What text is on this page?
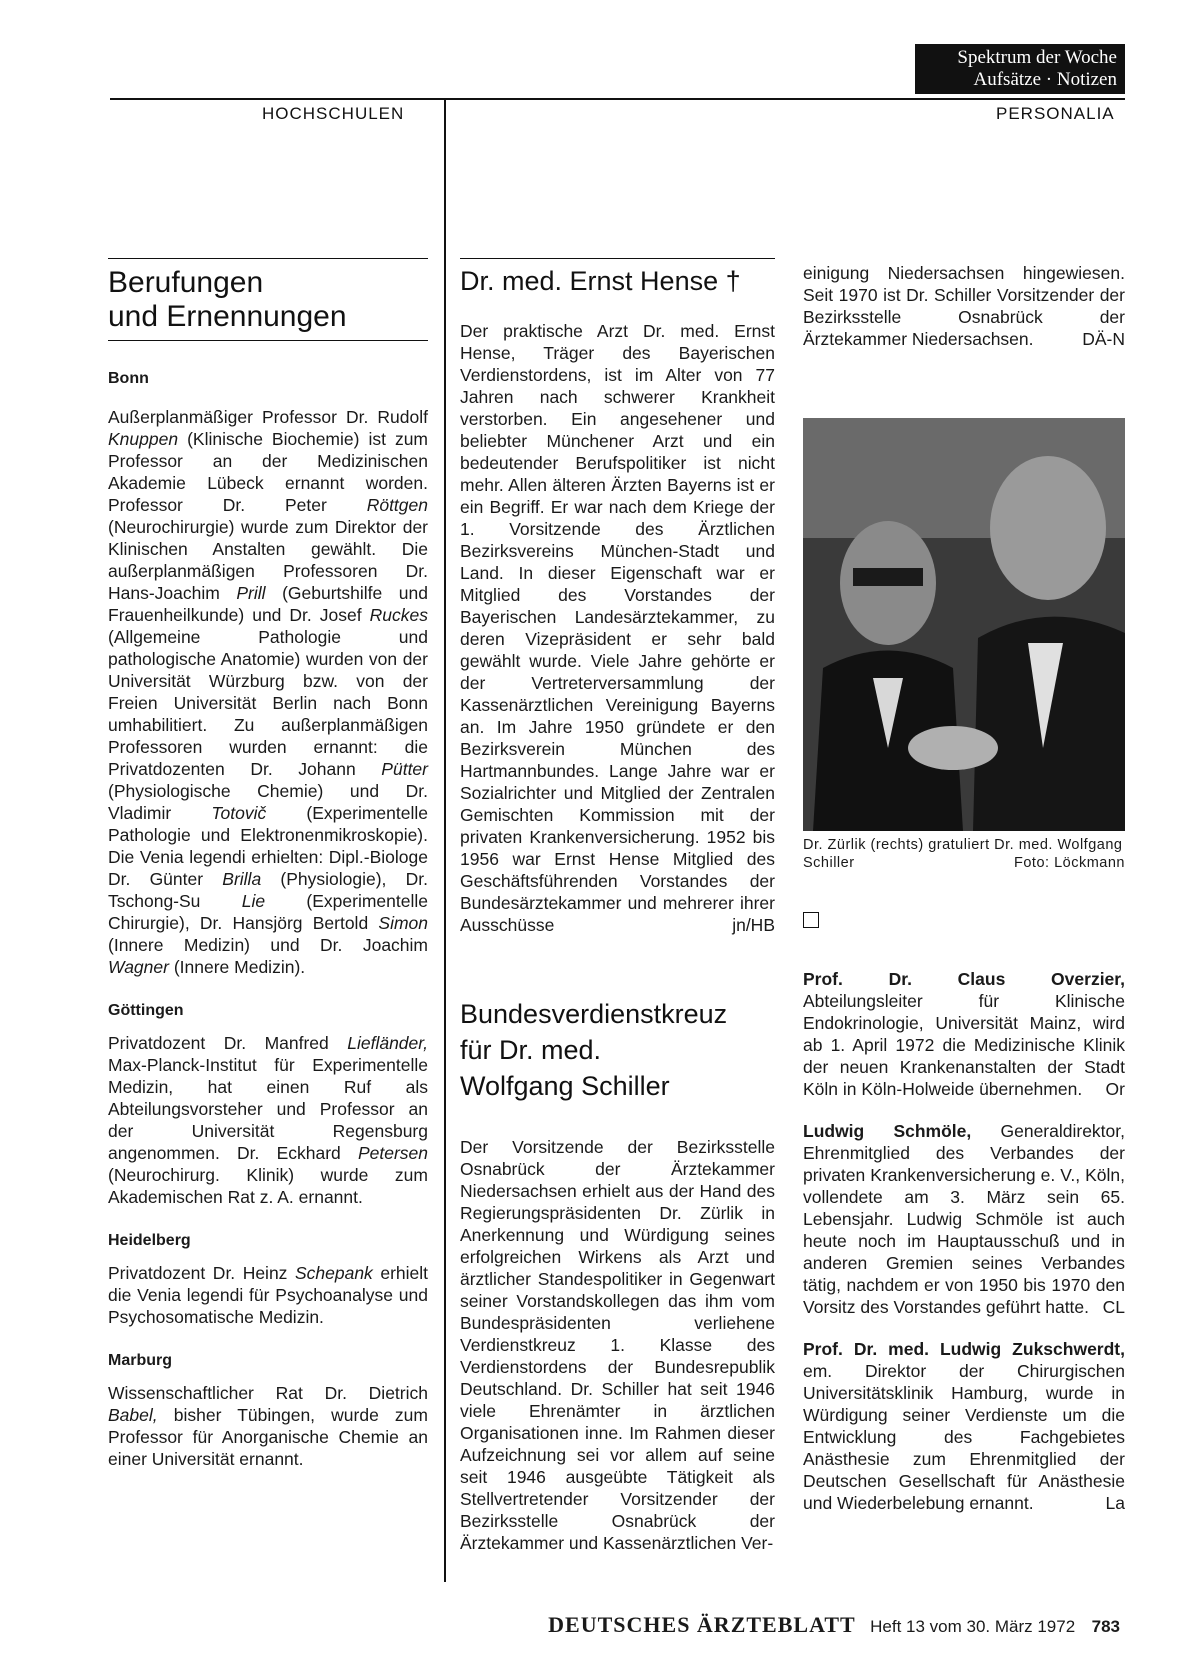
Spektrum der Woche
Aufsätze · Notizen
HOCHSCHULEN	PERSONALIA
Berufungen
und Ernennungen

Bonn

Außerplanmäßiger Professor Dr. Rudolf Knuppen (Klinische Biochemie) ist zum Professor an der Medizinischen Akademie Lübeck ernannt worden. Professor Dr. Peter Röttgen (Neurochirurgie) wurde zum Direktor der Klinischen Anstalten gewählt. Die außerplanmäßigen Professoren Dr. Hans-Joachim Prill (Geburtshilfe und Frauenheilkunde) und Dr. Josef Ruckes (Allgemeine Pathologie und pathologische Anatomie) wurden von der Universität Würzburg bzw. von der Freien Universität Berlin nach Bonn umhabilitiert. Zu außerplanmäßigen Professoren wurden ernannt: die Privatdozenten Dr. Johann Pütter (Physiologische Chemie) und Dr. Vladimir Totovič (Experimentelle Pathologie und Elektronenmikroskopie). Die Venia legendi erhielten: Dipl.-Biologe Dr. Günter Brilla (Physiologie), Dr. Tschong-Su Lie (Experimentelle Chirurgie), Dr. Hansjörg Bertold Simon (Innere Medizin) und Dr. Joachim Wagner (Innere Medizin).

Göttingen

Privatdozent Dr. Manfred Liefländer, Max-Planck-Institut für Experimentelle Medizin, hat einen Ruf als Abteilungsvorsteher und Professor an der Universität Regensburg angenommen. Dr. Eckhard Petersen (Neurochirurg. Klinik) wurde zum Akademischen Rat z. A. ernannt.

Heidelberg

Privatdozent Dr. Heinz Schepank erhielt die Venia legendi für Psychoanalyse und Psychosomatische Medizin.

Marburg

Wissenschaftlicher Rat Dr. Dietrich Babel, bisher Tübingen, wurde zum Professor für Anorganische Chemie an einer Universität ernannt.

Dr. med. Ernst Hense †

Der praktische Arzt Dr. med. Ernst Hense, Träger des Bayerischen Verdienstordens, ist im Alter von 77 Jahren nach schwerer Krankheit verstorben. Ein angesehener und beliebter Münchener Arzt und ein bedeutender Berufspolitiker ist nicht mehr. Allen älteren Ärzten Bayerns ist er ein Begriff. Er war nach dem Kriege der 1. Vorsitzende des Ärztlichen Bezirksvereins München-Stadt und Land. In dieser Eigenschaft war er Mitglied des Vorstandes der Bayerischen Landesärztekammer, zu deren Vizepräsident er sehr bald gewählt wurde. Viele Jahre gehörte er der Vertreterversammlung der Kassenärztlichen Vereinigung Bayerns an. Im Jahre 1950 gründete er den Bezirksverein München des Hartmannbundes. Lange Jahre war er Sozialrichter und Mitglied der Zentralen Gemischten Kommission mit der privaten Krankenversicherung. 1952 bis 1956 war Ernst Hense Mitglied des Geschäftsführenden Vorstandes der Bundesärztekammer und mehrerer ihrer Ausschüsse	jn/HB

Bundesverdienstkreuz
für Dr. med.
Wolfgang Schiller

Der Vorsitzende der Bezirksstelle Osnabrück der Ärztekammer Niedersachsen erhielt aus der Hand des Regierungspräsidenten Dr. Zürlik in Anerkennung und Würdigung seines erfolgreichen Wirkens als Arzt und ärztlicher Standespolitiker in Gegenwart seiner Vorstandskollegen das ihm vom Bundespräsidenten verliehene Verdienstkreuz 1. Klasse des Verdienstordens der Bundesrepublik Deutschland. Dr. Schiller hat seit 1946 viele Ehrenämter in ärztlichen Organisationen inne. Im Rahmen dieser Aufzeichnung sei vor allem auf seine seit 1946 ausgeübte Tätigkeit als Stellvertretender Vorsitzender der Bezirksstelle Osnabrück der Ärztekammer und Kassenärztlichen Ver-

einigung Niedersachsen hingewiesen. Seit 1970 ist Dr. Schiller Vorsitzender der Bezirksstelle Osnabrück der Ärztekammer Niedersachsen.	DÄ-N
Dr. Zürlik (rechts) gratuliert Dr. med. Wolfgang Schiller	Foto: Löckmann

Prof. Dr. Claus Overzier, Abteilungsleiter für Klinische Endokrinologie, Universität Mainz, wird ab 1. April 1972 die Medizinische Klinik der neuen Krankenanstalten der Stadt Köln in Köln-Holweide übernehmen. Or

Ludwig Schmöle, Generaldirektor, Ehrenmitglied des Verbandes der privaten Krankenversicherung e. V., Köln, vollendete am 3. März sein 65. Lebensjahr. Ludwig Schmöle ist auch heute noch im Hauptausschuß und in anderen Gremien seines Verbandes tätig, nachdem er von 1950 bis 1970 den Vorsitz des Vorstandes geführt hatte. CL

Prof. Dr. med. Ludwig Zukschwerdt, em. Direktor der Chirurgischen Universitätsklinik Hamburg, wurde in Würdigung seiner Verdienste um die Entwicklung des Fachgebietes Anästhesie zum Ehrenmitglied der Deutschen Gesellschaft für Anästhesie und Wiederbelebung ernannt.	La

DEUTSCHES ÄRZTEBLATT Heft 13 vom 30. März 1972 783
